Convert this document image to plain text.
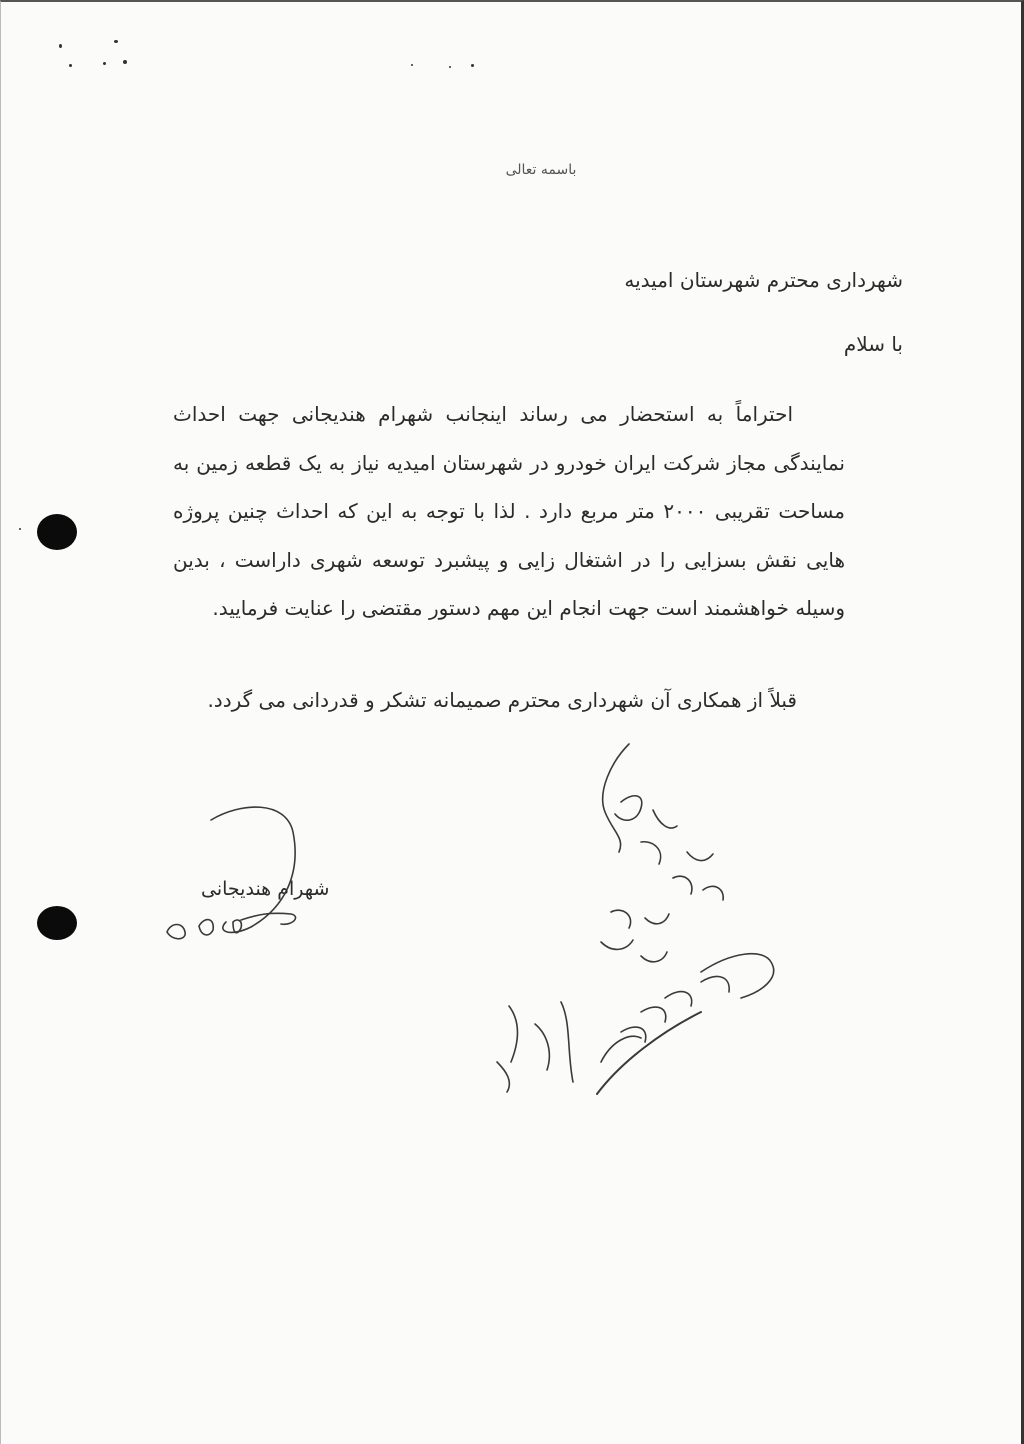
باسمه تعالی
شهرداری محترم شهرستان امیدیه
با سلام

احتراماً به استحضار می رساند اینجانب شهرام هندیجانی جهت احداث نمایندگی مجاز شرکت ایران خودرو در شهرستان امیدیه نیاز به یک قطعه زمین به مساحت تقریبی ۲۰۰۰ متر مربع دارد . لذا با توجه به این که احداث چنین پروژه هایی نقش بسزایی را در اشتغال زایی و پیشبرد توسعه شهری داراست ، بدین وسیله خواهشمند است جهت انجام این مهم دستور مقتضی را عنایت فرمایید.

قبلاً از همکاری آن شهرداری محترم صمیمانه تشکر و قدردانی می گردد.
شهرام هندیجانی
